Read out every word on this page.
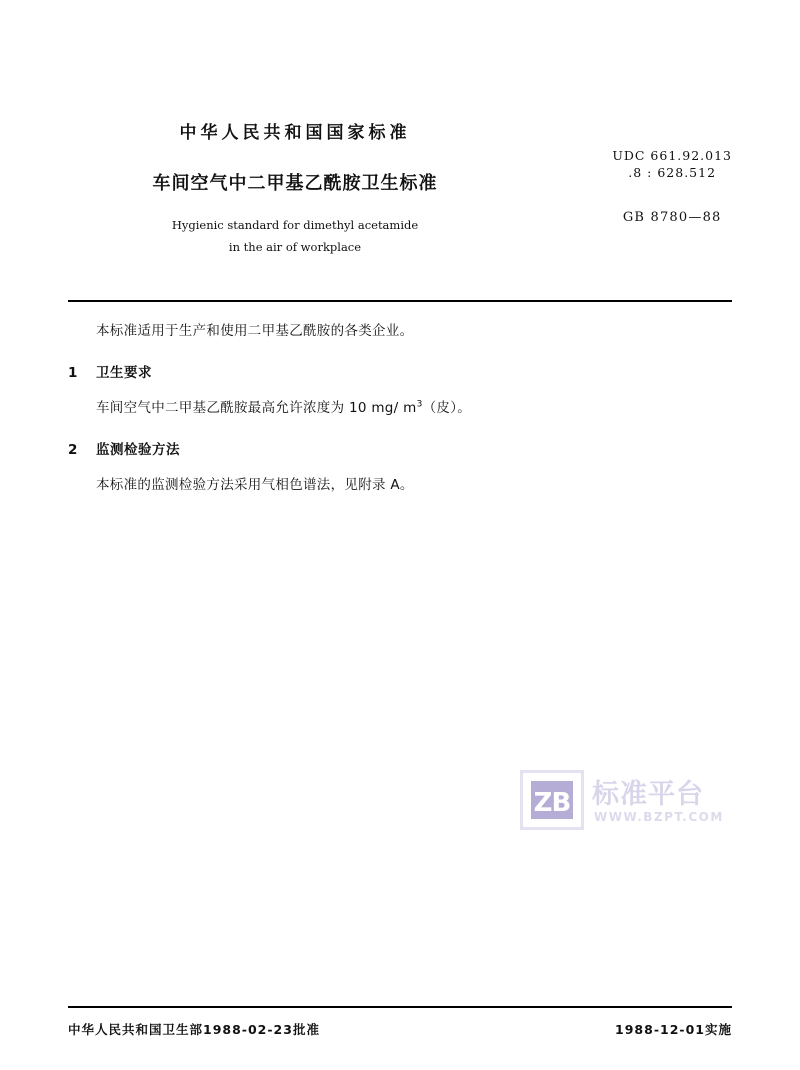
中华人民共和国国家标准
车间空气中二甲基乙酰胺卫生标准
Hygienic standard for dimethyl acetamide
in the air of workplace
UDC 661.92.013
.8 : 628.512
GB 8780—88

本标准适用于生产和使用二甲基乙酰胺的各类企业。

1 卫生要求

车间空气中二甲基乙酰胺最高允许浓度为 10 mg/ $m^3$（皮）。

2 监测检验方法

本标准的监测检验方法采用气相色谱法，见附录 A。

ZB 标准平台
WWW.BZPT.COM
中华人民共和国卫生部1988-02-23批准	1988-12-01实施
